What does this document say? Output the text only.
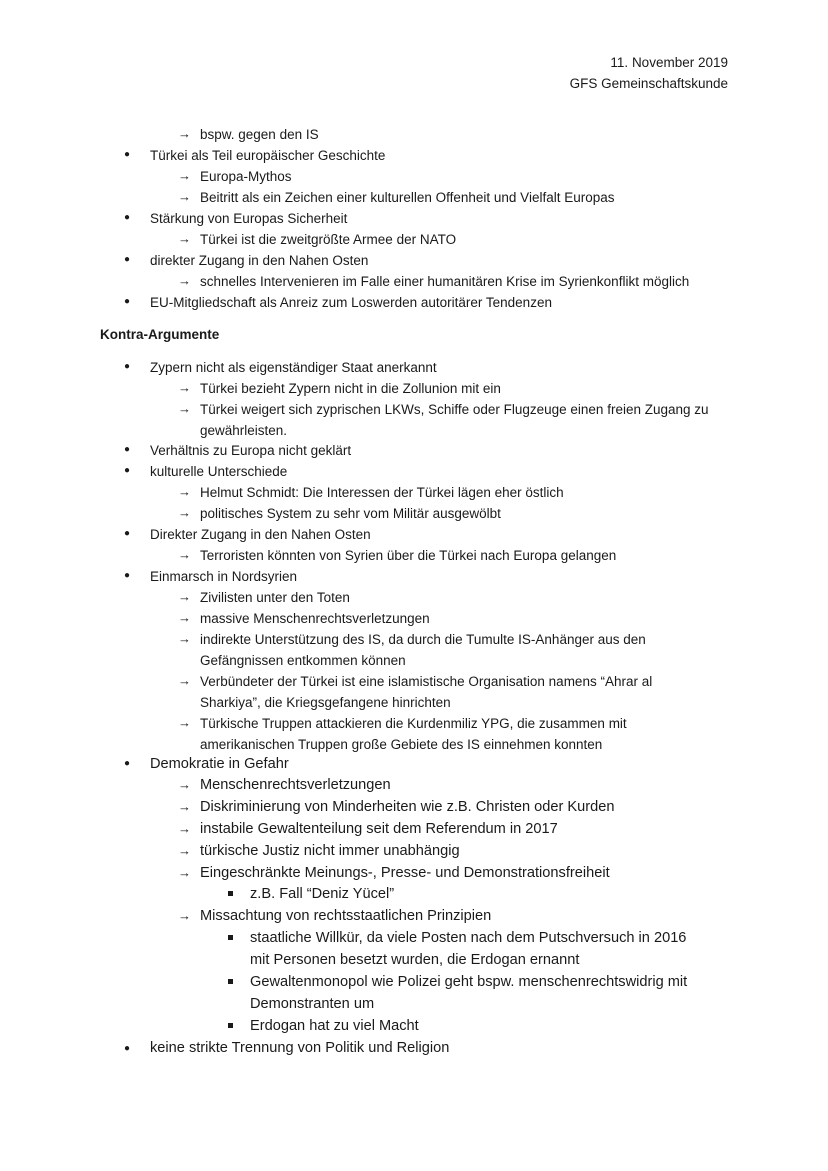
11. November 2019
GFS Gemeinschaftskunde
→ bspw. gegen den IS
● Türkei als Teil europäischer Geschichte
→ Europa-Mythos
→ Beitritt als ein Zeichen einer kulturellen Offenheit und Vielfalt Europas
● Stärkung von Europas Sicherheit
→ Türkei ist die zweitgrößte Armee der NATO
● direkter Zugang in den Nahen Osten
→ schnelles Intervenieren im Falle einer humanitären Krise im Syrienkonflikt möglich
● EU-Mitgliedschaft als Anreiz zum Loswerden autoritärer Tendenzen
Kontra-Argumente
● Zypern nicht als eigenständiger Staat anerkannt
→ Türkei bezieht Zypern nicht in die Zollunion mit ein
→ Türkei weigert sich zyprischen LKWs, Schiffe oder Flugzeuge einen freien Zugang zu
gewährleisten.
● Verhältnis zu Europa nicht geklärt
● kulturelle Unterschiede
→ Helmut Schmidt: Die Interessen der Türkei lägen eher östlich
→ politisches System zu sehr vom Militär ausgewölbt
● Direkter Zugang in den Nahen Osten
→ Terroristen könnten von Syrien über die Türkei nach Europa gelangen
● Einmarsch in Nordsyrien
→ Zivilisten unter den Toten
→ massive Menschenrechtsverletzungen
→ indirekte Unterstützung des IS, da durch die Tumulte IS-Anhänger aus den
Gefängnissen entkommen können
→ Verbündeter der Türkei ist eine islamistische Organisation namens “Ahrar al
Sharkiya”, die Kriegsgefangene hinrichten
→ Türkische Truppen attackieren die Kurdenmiliz YPG, die zusammen mit
amerikanischen Truppen große Gebiete des IS einnehmen konnten
● Demokratie in Gefahr
→ Menschenrechtsverletzungen
→ Diskriminierung von Minderheiten wie z.B. Christen oder Kurden
→ instabile Gewaltenteilung seit dem Referendum in 2017
→ türkische Justiz nicht immer unabhängig
→ Eingeschränkte Meinungs-, Presse- und Demonstrationsfreiheit
z.B. Fall “Deniz Yücel”
→ Missachtung von rechtsstaatlichen Prinzipien
staatliche Willkür, da viele Posten nach dem Putschversuch in 2016
mit Personen besetzt wurden, die Erdogan ernannt
Gewaltenmonopol wie Polizei geht bspw. menschenrechtswidrig mit
Demonstranten um
Erdogan hat zu viel Macht
● keine strikte Trennung von Politik und Religion
